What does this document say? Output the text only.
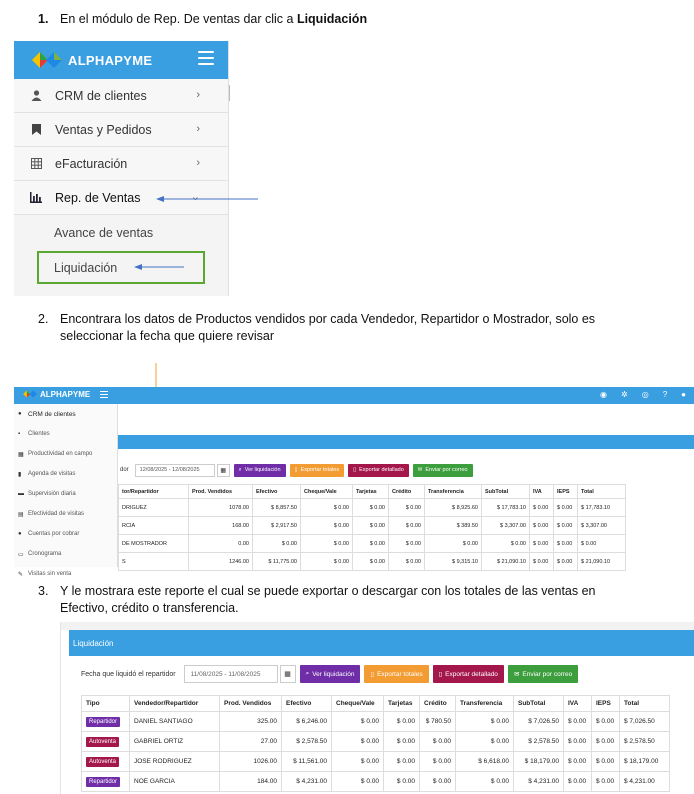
1. En el módulo de Rep. De ventas dar clic a Liquidación
ALPHAPYME
CRM de clientes	›
Ventas y Pedidos	›
eFacturación	›
Rep. de Ventas	⌄
Avance de ventas
Liquidación
2. Encontrara los datos de Productos vendidos por cada Vendedor, Repartidor o Mostrador, solo es
seleccionar la fecha que quiere revisar
ALPHAPYME	◉ ✲ ◎ ? ●
● CRM de clientes
▪	Clientes
▦ Productividad en campo
▮	Agenda de visitas
▬ Supervisión diaria
▤ Efectividad de visitas
●	Cuentas por cobrar
▭ Cronograma
✎ Visitas sin venta
dor	12/08/2025 - 12/08/2025	▦	⌕ Ver liquidación	▯ Exportar totales	▯ Exportar detallado	✉ Enviar por correo
tor/Repartidor	Prod. Vendidos	Efectivo	Cheque/Vale	Tarjetas	Crédito	Transferencia	SubTotal	IVA	IEPS	Total
DRIGUEZ	1078.00	$ 8,857.50	$ 0.00	$ 0.00	$ 0.00	$ 8,925.60	$ 17,783.10	$ 0.00	$ 0.00	$ 17,783.10
RCIA	168.00	$ 2,917.50	$ 0.00	$ 0.00	$ 0.00	$ 389.50	$ 3,307.00	$ 0.00	$ 0.00	$ 3,307.00
DE MOSTRADOR	0.00	$ 0.00	$ 0.00	$ 0.00	$ 0.00	$ 0.00	$ 0.00	$ 0.00	$ 0.00	$ 0.00
S	1246.00	$ 11,775.00	$ 0.00	$ 0.00	$ 0.00	$ 9,315.10	$ 21,090.10	$ 0.00	$ 0.00	$ 21,090.10
3. Y le mostrara este reporte el cual se puede exportar o descargar con los totales de las ventas en
Efectivo, crédito o transferencia.
Liquidación
Fecha que liquidó el repartidor	11/08/2025 - 11/08/2025	▦	⌕ Ver liquidación ▯ Exportar totales ▯ Exportar detallado ✉ Enviar por correo
Tipo	Vendedor/Repartidor	Prod. Vendidos	Efectivo	Cheque/Vale	Tarjetas	Crédito	Transferencia	SubTotal	IVA	IEPS	Total
Repartidor	DANIEL SANTIAGO	325.00	$ 6,246.00	$ 0.00	$ 0.00	$ 780.50	$ 0.00	$ 7,026.50	$ 0.00	$ 0.00	$ 7,026.50
Autoventa	GABRIEL ORTIZ	27.00	$ 2,578.50	$ 0.00	$ 0.00	$ 0.00	$ 0.00	$ 2,578.50	$ 0.00	$ 0.00	$ 2,578.50
Autoventa	JOSE RODRIGUEZ	1026.00	$ 11,561.00	$ 0.00	$ 0.00	$ 0.00	$ 6,618.00	$ 18,179.00	$ 0.00	$ 0.00	$ 18,179.00
Repartidor	NOE GARCIA	184.00	$ 4,231.00	$ 0.00	$ 0.00	$ 0.00	$ 0.00	$ 4,231.00	$ 0.00	$ 0.00	$ 4,231.00
